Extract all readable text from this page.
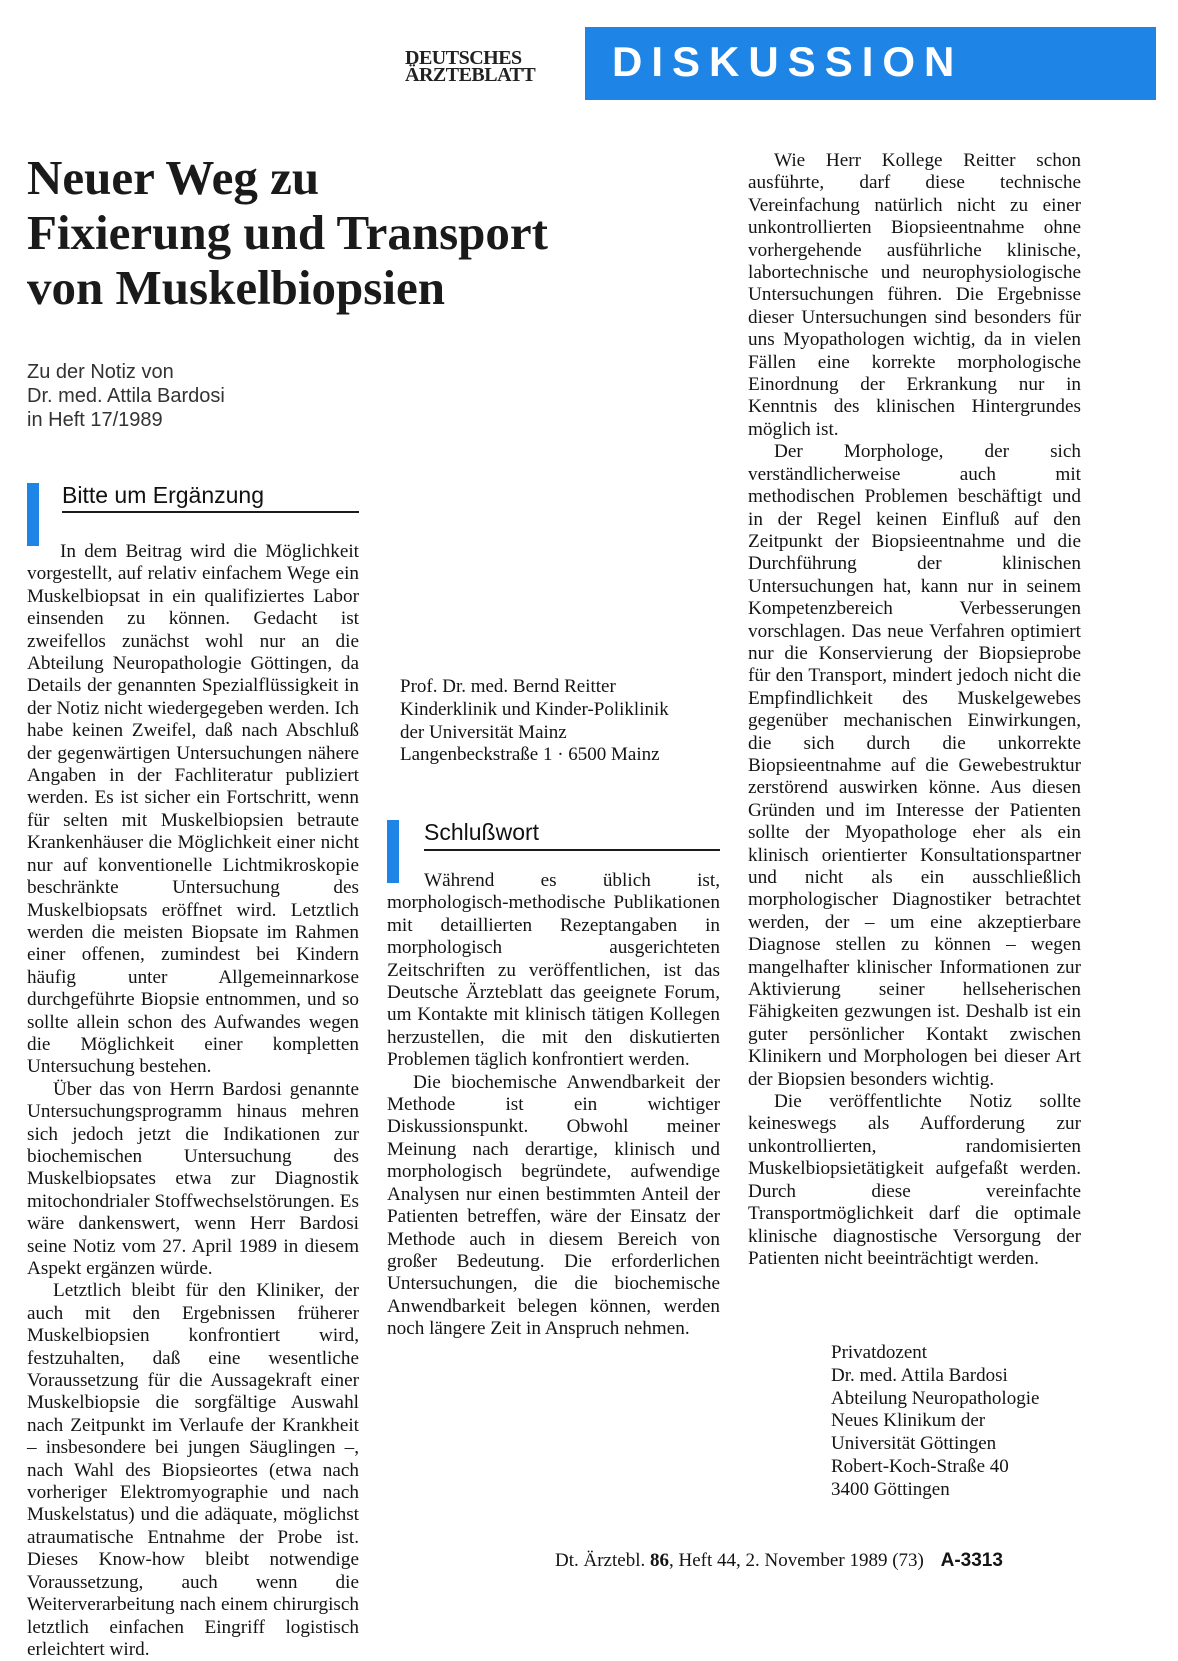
DEUTSCHES
ÄRZTEBLATT DISKUSSION
Neuer Weg zu
Fixierung und Transport
von Muskelbiopsien
Zu der Notiz von
Dr. med. Attila Bardosi
in Heft 17/1989
Bitte um Ergänzung

In dem Beitrag wird die Möglichkeit vorgestellt, auf relativ einfachem Wege ein Muskelbiopsat in ein qualifiziertes Labor einsenden zu können. Gedacht ist zweifellos zunächst wohl nur an die Abteilung Neuropathologie Göttingen, da Details der genannten Spezialflüssigkeit in der Notiz nicht wiedergegeben werden. Ich habe keinen Zweifel, daß nach Abschluß der gegenwärtigen Untersuchungen nähere Angaben in der Fachliteratur publiziert werden. Es ist sicher ein Fortschritt, wenn für selten mit Muskelbiopsien betraute Krankenhäuser die Möglichkeit einer nicht nur auf konventionelle Lichtmikroskopie beschränkte Untersuchung des Muskelbiopsats eröffnet wird. Letztlich werden die meisten Biopsate im Rahmen einer offenen, zumindest bei Kindern häufig unter Allgemeinnarkose durchgeführte Biopsie entnommen, und so sollte allein schon des Aufwandes wegen die Möglichkeit einer kompletten Untersuchung bestehen.

Über das von Herrn Bardosi genannte Untersuchungsprogramm hinaus mehren sich jedoch jetzt die Indikationen zur biochemischen Untersuchung des Muskelbiopsates etwa zur Diagnostik mitochondrialer Stoffwechselstörungen. Es wäre dankenswert, wenn Herr Bardosi seine Notiz vom 27. April 1989 in diesem Aspekt ergänzen würde.

Letztlich bleibt für den Kliniker, der auch mit den Ergebnissen früherer Muskelbiopsien konfrontiert wird, festzuhalten, daß eine wesentliche Voraussetzung für die Aussagekraft einer Muskelbiopsie die sorgfältige Auswahl nach Zeitpunkt im Verlaufe der Krankheit – insbesondere bei jungen Säuglingen –, nach Wahl des Biopsieortes (etwa nach vorheriger Elektromyographie und nach Muskelstatus) und die adäquate, möglichst atraumatische Entnahme der Probe ist. Dieses Know-how bleibt notwendige Voraussetzung, auch wenn die Weiterverarbeitung nach einem chirurgisch letztlich einfachen Eingriff logistisch erleichtert wird.

Prof. Dr. med. Bernd Reitter
Kinderklinik und Kinder-Poliklinik
der Universität Mainz
Langenbeckstraße 1 · 6500 Mainz
Schlußwort

Während es üblich ist, morphologisch-methodische Publikationen mit detaillierten Rezeptangaben in morphologisch ausgerichteten Zeitschriften zu veröffentlichen, ist das Deutsche Ärzteblatt das geeignete Forum, um Kontakte mit klinisch tätigen Kollegen herzustellen, die mit den diskutierten Problemen täglich konfrontiert werden.

Die biochemische Anwendbarkeit der Methode ist ein wichtiger Diskussionspunkt. Obwohl meiner Meinung nach derartige, klinisch und morphologisch begründete, aufwendige Analysen nur einen bestimmten Anteil der Patienten betreffen, wäre der Einsatz der Methode auch in diesem Bereich von großer Bedeutung. Die erforderlichen Untersuchungen, die die biochemische Anwendbarkeit belegen können, werden noch längere Zeit in Anspruch nehmen.

Wie Herr Kollege Reitter schon ausführte, darf diese technische Vereinfachung natürlich nicht zu einer unkontrollierten Biopsieentnahme ohne vorhergehende ausführliche klinische, labortechnische und neurophysiologische Untersuchungen führen. Die Ergebnisse dieser Untersuchungen sind besonders für uns Myopathologen wichtig, da in vielen Fällen eine korrekte morphologische Einordnung der Erkrankung nur in Kenntnis des klinischen Hintergrundes möglich ist.

Der Morphologe, der sich verständlicherweise auch mit methodischen Problemen beschäftigt und in der Regel keinen Einfluß auf den Zeitpunkt der Biopsieentnahme und die Durchführung der klinischen Untersuchungen hat, kann nur in seinem Kompetenzbereich Verbesserungen vorschlagen. Das neue Verfahren optimiert nur die Konservierung der Biopsieprobe für den Transport, mindert jedoch nicht die Empfindlichkeit des Muskelgewebes gegenüber mechanischen Einwirkungen, die sich durch die unkorrekte Biopsieentnahme auf die Gewebestruktur zerstörend auswirken könne. Aus diesen Gründen und im Interesse der Patienten sollte der Myopathologe eher als ein klinisch orientierter Konsultationspartner und nicht als ein ausschließlich morphologischer Diagnostiker betrachtet werden, der – um eine akzeptierbare Diagnose stellen zu können – wegen mangelhafter klinischer Informationen zur Aktivierung seiner hellseherischen Fähigkeiten gezwungen ist. Deshalb ist ein guter persönlicher Kontakt zwischen Klinikern und Morphologen bei dieser Art der Biopsien besonders wichtig.

Die veröffentlichte Notiz sollte keineswegs als Aufforderung zur unkontrollierten, randomisierten Muskelbiopsietätigkeit aufgefaßt werden. Durch diese vereinfachte Transportmöglichkeit darf die optimale klinische diagnostische Versorgung der Patienten nicht beeinträchtigt werden.

Privatdozent
Dr. med. Attila Bardosi
Abteilung Neuropathologie
Neues Klinikum der
Universität Göttingen
Robert-Koch-Straße 40
3400 Göttingen
Dt. Ärztebl. 86, Heft 44, 2. November 1989 (73) A-3313
